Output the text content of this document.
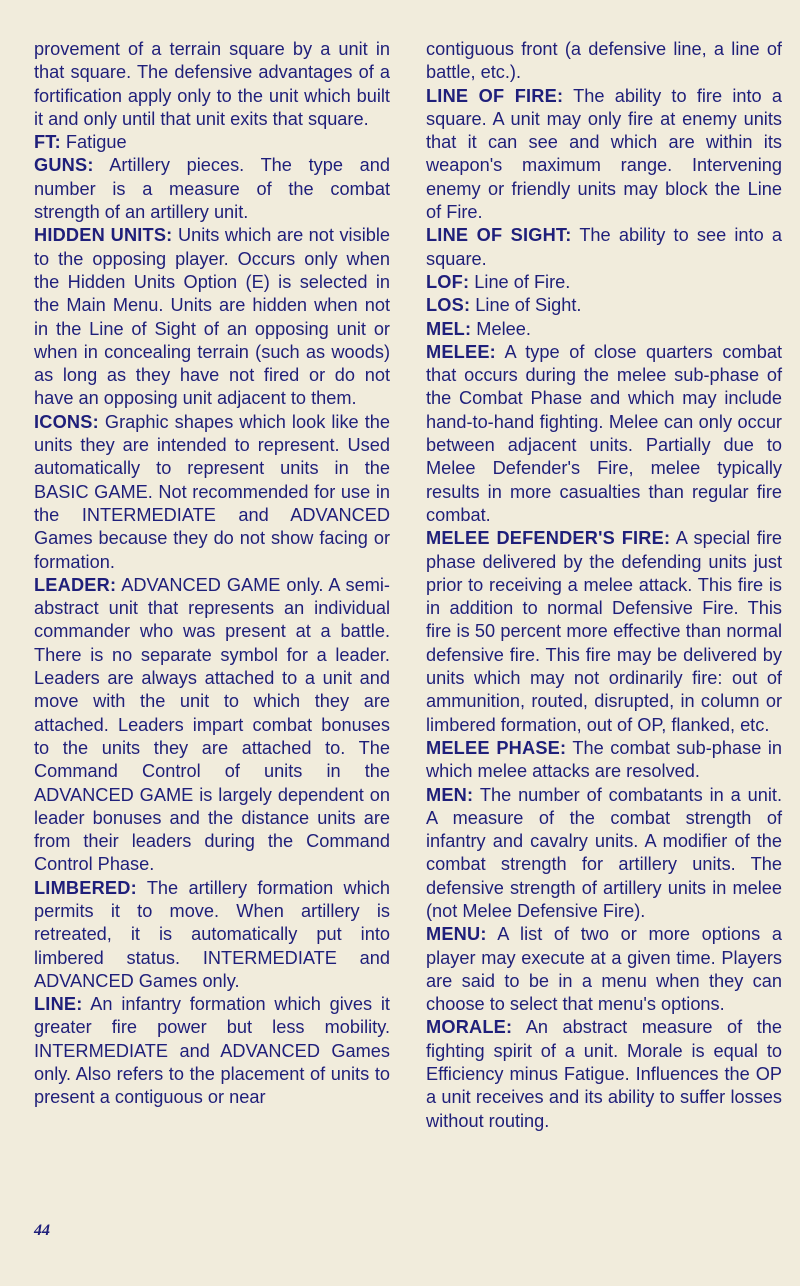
provement of a terrain square by a unit in that square. The defensive advantages of a fortification apply only to the unit which built it and only until that unit exits that square.

FT: Fatigue

GUNS: Artillery pieces. The type and number is a measure of the combat strength of an artillery unit.

HIDDEN UNITS: Units which are not visible to the opposing player. Occurs only when the Hidden Units Option (E) is selected in the Main Menu. Units are hidden when not in the Line of Sight of an opposing unit or when in concealing terrain (such as woods) as long as they have not fired or do not have an opposing unit adjacent to them.

ICONS: Graphic shapes which look like the units they are intended to represent. Used automatically to represent units in the BASIC GAME. Not recommended for use in the INTERMEDIATE and ADVANCED Games because they do not show facing or formation.

LEADER: ADVANCED GAME only. A semi-abstract unit that represents an individual commander who was present at a battle. There is no separate symbol for a leader. Leaders are always attached to a unit and move with the unit to which they are attached. Leaders impart combat bonuses to the units they are attached to. The Command Control of units in the ADVANCED GAME is largely dependent on leader bonuses and the distance units are from their leaders during the Command Control Phase.

LIMBERED: The artillery formation which permits it to move. When artillery is retreated, it is automatically put into limbered status. INTERMEDIATE and ADVANCED Games only.

LINE: An infantry formation which gives it greater fire power but less mobility. INTERMEDIATE and ADVANCED Games only. Also refers to the placement of units to present a contiguous or near

contiguous front (a defensive line, a line of battle, etc.).

LINE OF FIRE: The ability to fire into a square. A unit may only fire at enemy units that it can see and which are within its weapon's maximum range. Intervening enemy or friendly units may block the Line of Fire.

LINE OF SIGHT: The ability to see into a square.

LOF: Line of Fire.

LOS: Line of Sight.

MEL: Melee.

MELEE: A type of close quarters combat that occurs during the melee sub-phase of the Combat Phase and which may include hand-to-hand fighting. Melee can only occur between adjacent units. Partially due to Melee Defender's Fire, melee typically results in more casualties than regular fire combat.

MELEE DEFENDER'S FIRE: A special fire phase delivered by the defending units just prior to receiving a melee attack. This fire is in addition to normal Defensive Fire. This fire is 50 percent more effective than normal defensive fire. This fire may be delivered by units which may not ordinarily fire: out of ammunition, routed, disrupted, in column or limbered formation, out of OP, flanked, etc.

MELEE PHASE: The combat sub-phase in which melee attacks are resolved.

MEN: The number of combatants in a unit. A measure of the combat strength of infantry and cavalry units. A modifier of the combat strength for artillery units. The defensive strength of artillery units in melee (not Melee Defensive Fire).

MENU: A list of two or more options a player may execute at a given time. Players are said to be in a menu when they can choose to select that menu's options.

MORALE: An abstract measure of the fighting spirit of a unit. Morale is equal to Efficiency minus Fatigue. Influences the OP a unit receives and its ability to suffer losses without routing.

44
